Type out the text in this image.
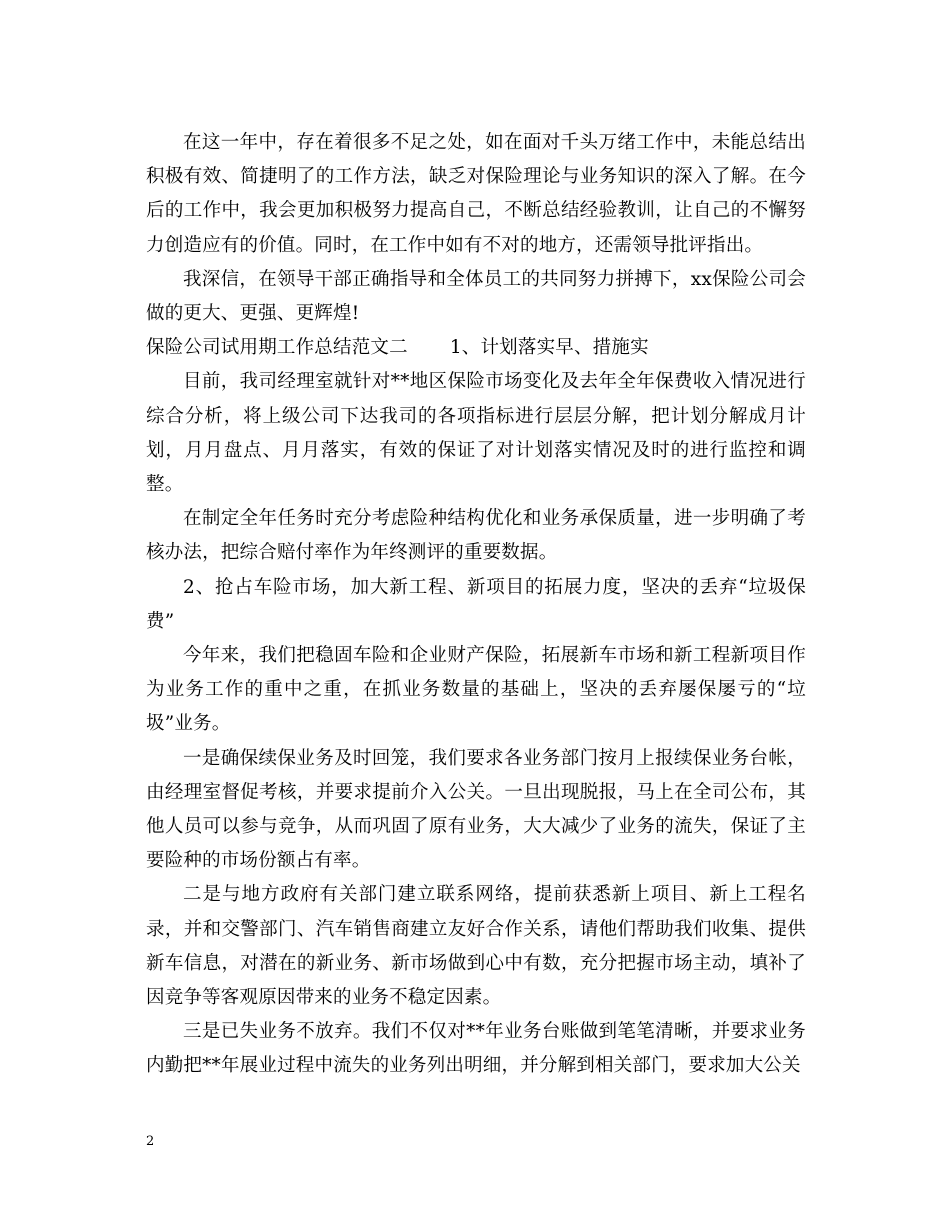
在这一年中，存在着很多不足之处，如在面对千头万绪工作中，未能总结出积极有效、简捷明了的工作方法，缺乏对保险理论与业务知识的深入了解。在今后的工作中，我会更加积极努力提高自己，不断总结经验教训，让自己的不懈努力创造应有的价值。同时，在工作中如有不对的地方，还需领导批评指出。

我深信，在领导干部正确指导和全体员工的共同努力拼搏下，xx保险公司会做的更大、更强、更辉煌!

保险公司试用期工作总结范文二 1、计划落实早、措施实

目前，我司经理室就针对**地区保险市场变化及去年全年保费收入情况进行综合分析，将上级公司下达我司的各项指标进行层层分解，把计划分解成月计划，月月盘点、月月落实，有效的保证了对计划落实情况及时的进行监控和调整。

在制定全年任务时充分考虑险种结构优化和业务承保质量，进一步明确了考核办法，把综合赔付率作为年终测评的重要数据。

2、抢占车险市场，加大新工程、新项目的拓展力度，坚决的丢弃“垃圾保费”

今年来，我们把稳固车险和企业财产保险，拓展新车市场和新工程新项目作为业务工作的重中之重，在抓业务数量的基础上，坚决的丢弃屡保屡亏的“垃圾”业务。

一是确保续保业务及时回笼，我们要求各业务部门按月上报续保业务台帐，由经理室督促考核，并要求提前介入公关。一旦出现脱报，马上在全司公布，其他人员可以参与竞争，从而巩固了原有业务，大大减少了业务的流失，保证了主要险种的市场份额占有率。

二是与地方政府有关部门建立联系网络，提前获悉新上项目、新上工程名录，并和交警部门、汽车销售商建立友好合作关系，请他们帮助我们收集、提供新车信息，对潜在的新业务、新市场做到心中有数，充分把握市场主动，填补了因竞争等客观原因带来的业务不稳定因素。

三是已失业务不放弃。我们不仅对**年业务台账做到笔笔清晰，并要求业务内勤把**年展业过程中流失的业务列出明细，并分解到相关部门，要求加大公关

2
